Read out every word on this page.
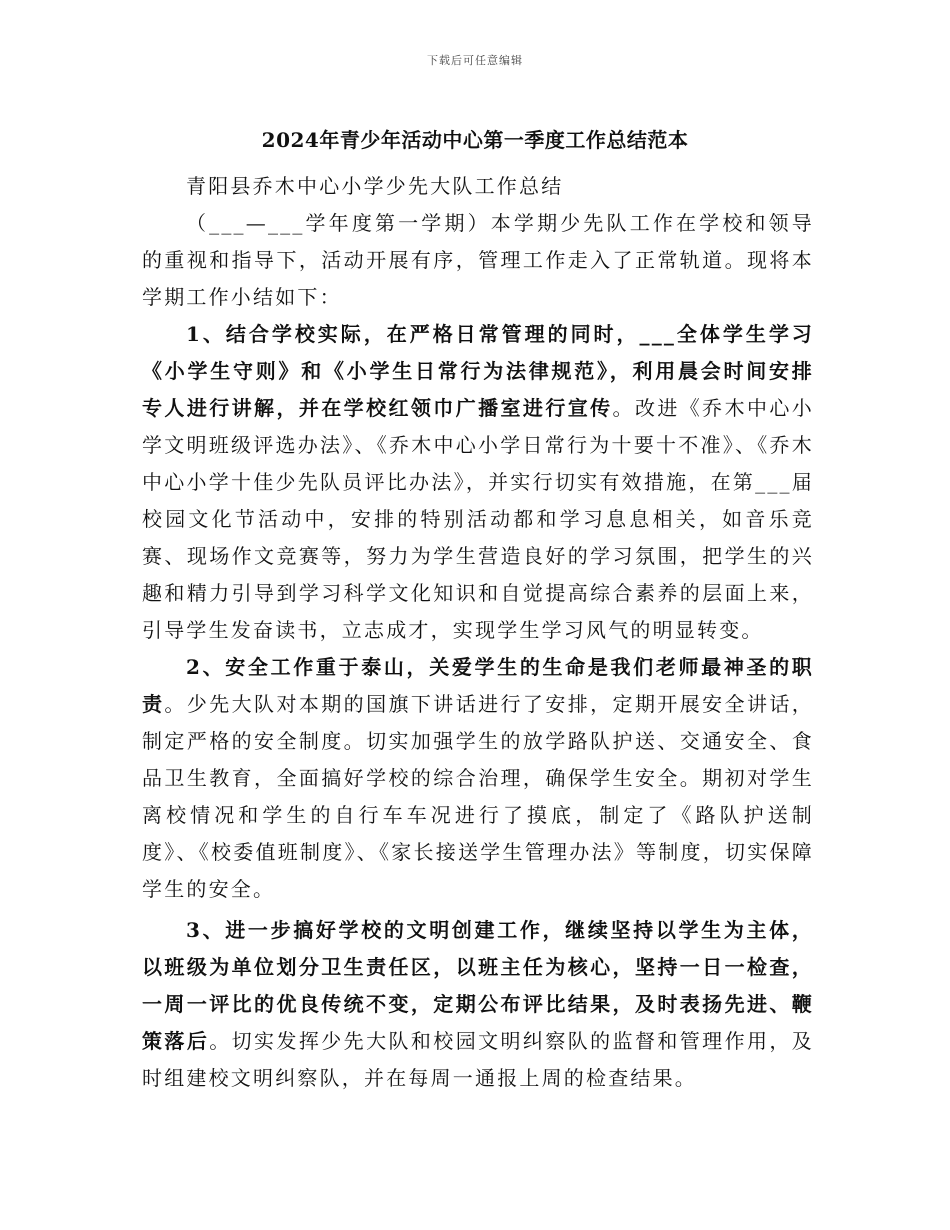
下载后可任意编辑
2024年青少年活动中心第一季度工作总结范本

青阳县乔木中心小学少先大队工作总结

（___—___学年度第一学期）本学期少先队工作在学校和领导的重视和指导下，活动开展有序，管理工作走入了正常轨道。现将本学期工作小结如下：

1、结合学校实际，在严格日常管理的同时，___全体学生学习《小学生守则》和《小学生日常行为法律规范》，利用晨会时间安排专人进行讲解，并在学校红领巾广播室进行宣传。改进《乔木中心小学文明班级评选办法》、《乔木中心小学日常行为十要十不准》、《乔木中心小学十佳少先队员评比办法》，并实行切实有效措施，在第___届校园文化节活动中，安排的特别活动都和学习息息相关，如音乐竞赛、现场作文竞赛等，努力为学生营造良好的学习氛围，把学生的兴趣和精力引导到学习科学文化知识和自觉提高综合素养的层面上来，引导学生发奋读书，立志成才，实现学生学习风气的明显转变。

2、安全工作重于泰山，关爱学生的生命是我们老师最神圣的职责。少先大队对本期的国旗下讲话进行了安排，定期开展安全讲话，制定严格的安全制度。切实加强学生的放学路队护送、交通安全、食品卫生教育，全面搞好学校的综合治理，确保学生安全。期初对学生离校情况和学生的自行车车况进行了摸底，制定了《路队护送制度》、《校委值班制度》、《家长接送学生管理办法》等制度，切实保障学生的安全。

3、进一步搞好学校的文明创建工作，继续坚持以学生为主体，以班级为单位划分卫生责任区，以班主任为核心，坚持一日一检查，一周一评比的优良传统不变，定期公布评比结果，及时表扬先进、鞭策落后。切实发挥少先大队和校园文明纠察队的监督和管理作用，及时组建校文明纠察队，并在每周一通报上周的检查结果。
